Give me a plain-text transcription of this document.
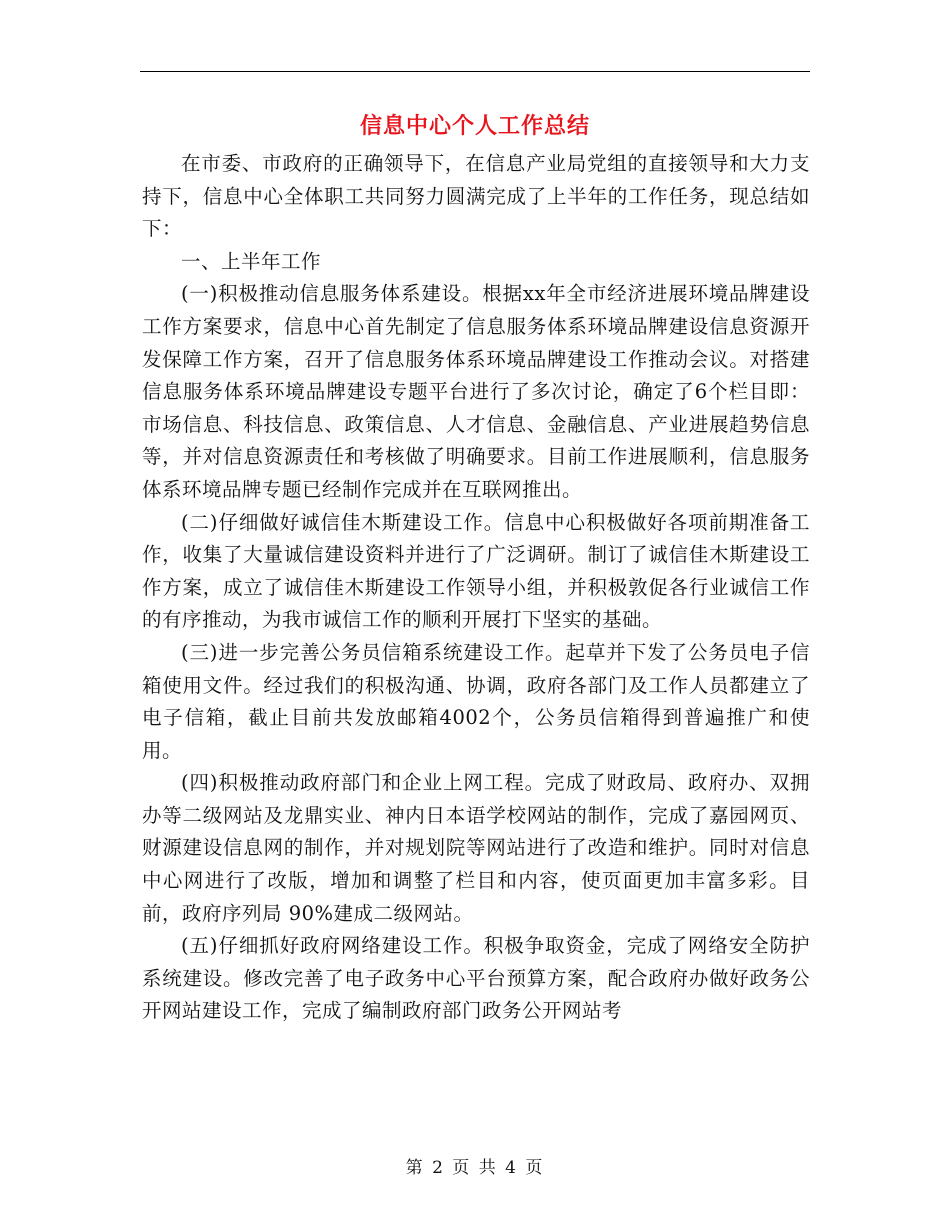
信息中心个人工作总结

在市委、市政府的正确领导下，在信息产业局党组的直接领导和大力支持下，信息中心全体职工共同努力圆满完成了上半年的工作任务，现总结如下：

一、上半年工作

(一)积极推动信息服务体系建设。根据xx年全市经济进展环境品牌建设工作方案要求，信息中心首先制定了信息服务体系环境品牌建设信息资源开发保障工作方案，召开了信息服务体系环境品牌建设工作推动会议。对搭建信息服务体系环境品牌建设专题平台进行了多次讨论，确定了6个栏目即：市场信息、科技信息、政策信息、人才信息、金融信息、产业进展趋势信息等，并对信息资源责任和考核做了明确要求。目前工作进展顺利，信息服务体系环境品牌专题已经制作完成并在互联网推出。

(二)仔细做好诚信佳木斯建设工作。信息中心积极做好各项前期准备工作，收集了大量诚信建设资料并进行了广泛调研。制订了诚信佳木斯建设工作方案，成立了诚信佳木斯建设工作领导小组，并积极敦促各行业诚信工作的有序推动，为我市诚信工作的顺利开展打下坚实的基础。

(三)进一步完善公务员信箱系统建设工作。起草并下发了公务员电子信箱使用文件。经过我们的积极沟通、协调，政府各部门及工作人员都建立了电子信箱，截止目前共发放邮箱4002个，公务员信箱得到普遍推广和使用。

(四)积极推动政府部门和企业上网工程。完成了财政局、政府办、双拥办等二级网站及龙鼎实业、神内日本语学校网站的制作，完成了嘉园网页、财源建设信息网的制作，并对规划院等网站进行了改造和维护。同时对信息中心网进行了改版，增加和调整了栏目和内容，使页面更加丰富多彩。目前，政府序列局 90%建成二级网站。

(五)仔细抓好政府网络建设工作。积极争取资金，完成了网络安全防护系统建设。修改完善了电子政务中心平台预算方案，配合政府办做好政务公开网站建设工作，完成了编制政府部门政务公开网站考

第 2 页 共 4 页
